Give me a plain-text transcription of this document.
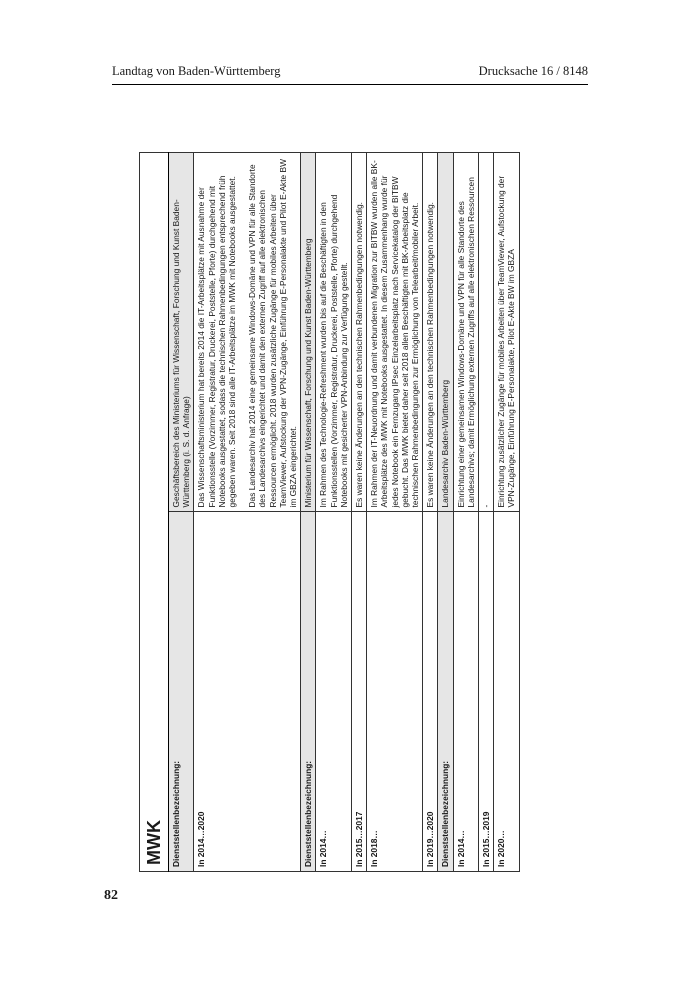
Landtag von Baden-Württemberg	Drucksache 16 / 8148
MWK	
Dienststellenbezeichnung:	Geschäftsbereich des Ministeriums für Wissenschaft, Forschung und Kunst Baden-Württemberg (i. S. d. Anfrage)
In 2014…2020	Das Wissenschaftsministerium hat bereits 2014 die IT-Arbeitsplätze mit Ausnahme der Funktionsstelle (Vorzimmer, Registratur, Druckerei, Poststelle, Pforte) durchgehend mit Notebooks ausgestattet, sodass die technischen Rahmenbedingungen entsprechend früh gegeben waren. Seit 2018 sind alle IT-Arbeitsplätze im MWK mit Notebooks ausgestattet. Das Landesarchiv hat 2014 eine gemeinsame Windows-Domäne und VPN für alle Standorte des Landesarchivs eingerichtet und damit den externen Zugriff auf alle elektronischen Ressourcen ermöglicht. 2018 wurden zusätzliche Zugänge für mobiles Arbeiten über TeamViewer, Aufstockung der VPN-Zugänge, Einführung E-Personalakte und Pilot E-Akte BW im GBZA eingerichtet.

Dienststellenbezeichnung:	Ministerium für Wissenschaft, Forschung und Kunst Baden-Württemberg
In 2014…	Im Rahmen des Technologie-Refreshment wurden bis auf die Beschäftigten in den Funktionsstellen (Vorzimmer, Registratur, Druckerei, Poststelle, Pforte) durchgehend Notebooks mit gesicherter VPN-Anbindung zur Verfügung gestellt.

In 2015…2017	Es waren keine Änderungen an den technischen Rahmenbedingungen notwendig.

In 2018…	Im Rahmen der IT-Neuordnung und damit verbundenen Migration zur BITBW wurden alle BK-Arbeitsplätze des MWK mit Notebooks ausgestattet. In diesem Zusammenhang wurde für jedes Notebook ein Fernzugang IPsec Einzelarbeitsplatz nach Servicekatalog der BITBW gebucht. Das MWK bietet daher seit 2018 allen Beschäftigten mit BK-Arbeitsplatz die technischen Rahmenbedingungen zur Ermöglichung von Telearbeit/mobiler Arbeit.

In 2019…2020	Es waren keine Änderungen an den technischen Rahmenbedingungen notwendig.

Dienststellenbezeichnung:	Landesarchiv Baden-Württemberg
In 2014…	Einrichtung einer gemeinsamen Windows-Domäne und VPN für alle Standorte des Landesarchivs; damit Ermöglichung externen Zugriffs auf alle elektronischen Ressourcen

In 2015…2019	-

In 2020…	Einrichtung zusätzlicher Zugänge für mobiles Arbeiten über TeamViewer, Aufstockung der VPN-Zugänge, Einführung E-Personalakte, Pilot E-Akte BW im GBZA

82
